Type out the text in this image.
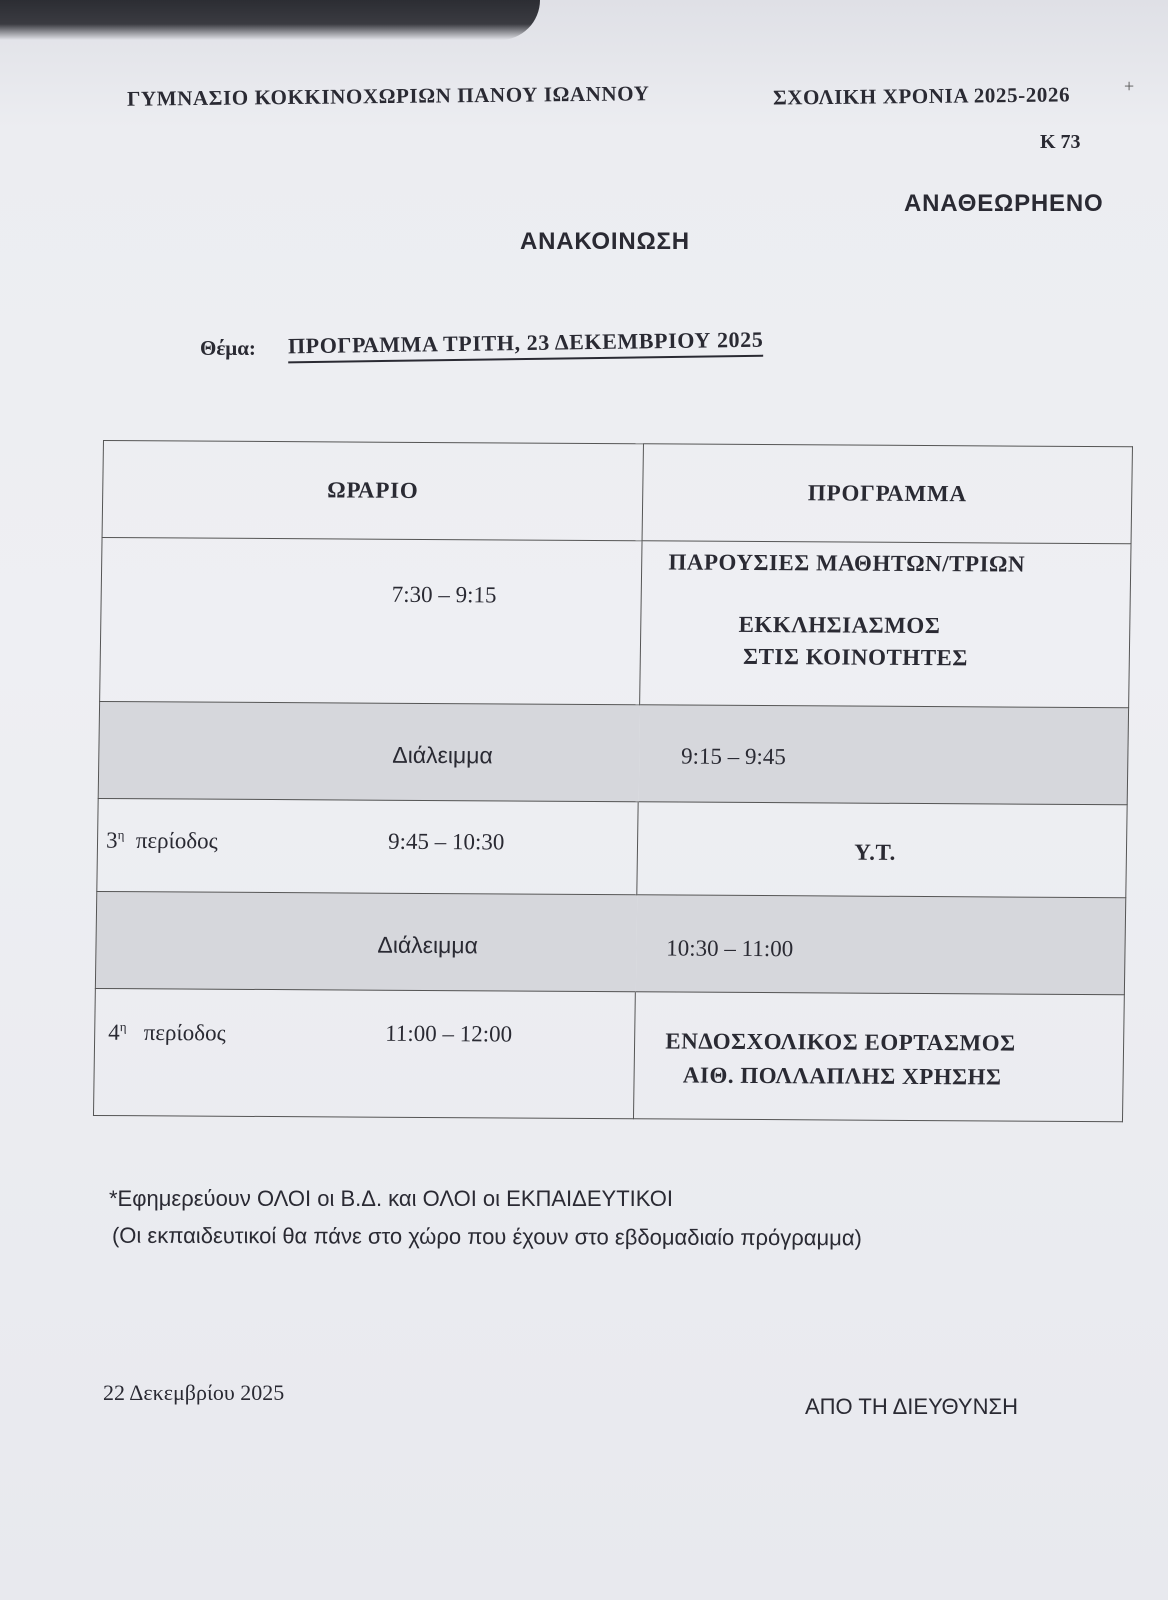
ΓΥΜΝΑΣΙΟ ΚΟΚΚΙΝΟΧΩΡΙΩΝ ΠΑΝΟΥ ΙΩΑΝΝΟΥ	ΣΧΟΛΙΚΗ ΧΡΟΝΙΑ 2025-2026
Κ 73
+
ΑΝΑΘΕΩΡΗΕΝΟ
ΑΝΑΚΟΙΝΩΣΗ
Θέμα: ΠΡΟΓΡΑΜΜΑ ΤΡΙΤΗ, 23 ΔΕΚΕΜΒΡΙΟΥ 2025
ΩΡΑΡΙΟ	ΠΡΟΓΡΑΜΜΑ

7:30 – 9:15	ΠΑΡΟΥΣΙΕΣ ΜΑΘΗΤΩΝ/ΤΡΙΩΝ
ΕΚΚΛΗΣΙΑΣΜΟΣ
ΣΤΙΣ ΚΟΙΝΟΤΗΤΕΣ

Διάλειμμα	9:15 – 9:45

$3^\eta$ περίοδος 9:45 – 10:30	Υ.Τ.

Διάλειμμα	10:30 – 11:00

$4^\eta$ περίοδος 11:00 – 12:00	ΕΝΔΟΣΧΟΛΙΚΟΣ ΕΟΡΤΑΣΜΟΣ
ΑΙΘ. ΠΟΛΛΑΠΛΗΣ ΧΡΗΣΗΣ
*Εφημερεύουν ΟΛΟΙ οι Β.Δ. και ΟΛΟΙ οι ΕΚΠΑΙΔΕΥΤΙΚΟΙ
(Οι εκπαιδευτικοί θα πάνε στο χώρο που έχουν στο εβδομαδιαίο πρόγραμμα)
22 Δεκεμβρίου 2025
ΑΠΟ ΤΗ ΔΙΕΥΘΥΝΣΗ
